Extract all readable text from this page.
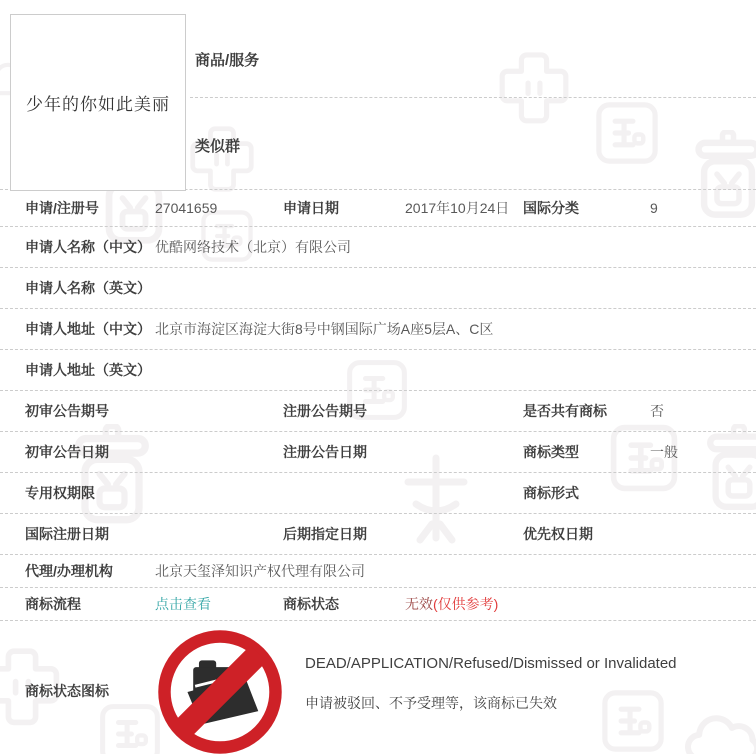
少年的你如此美丽
商品/服务
类似群
申请/注册号	27041659	申请日期	2017年10月24日 国际分类	9
申请人名称（中文） 优酷网络技术（北京）有限公司
申请人名称（英文）
申请人地址（中文） 北京市海淀区海淀大街8号中钢国际广场A座5层A、C区
申请人地址（英文）
初审公告期号	注册公告期号	是否共有商标	否
初审公告日期	注册公告日期	商标类型	一般
专用权期限	商标形式
国际注册日期	后期指定日期	优先权日期
代理/办理机构	北京天玺泽知识产权代理有限公司
商标流程	点击查看	商标状态	无效(仅供参考)
商标状态图标
DEAD/APPLICATION/Refused/Dismissed or Invalidated
申请被驳回、不予受理等，该商标已失效
